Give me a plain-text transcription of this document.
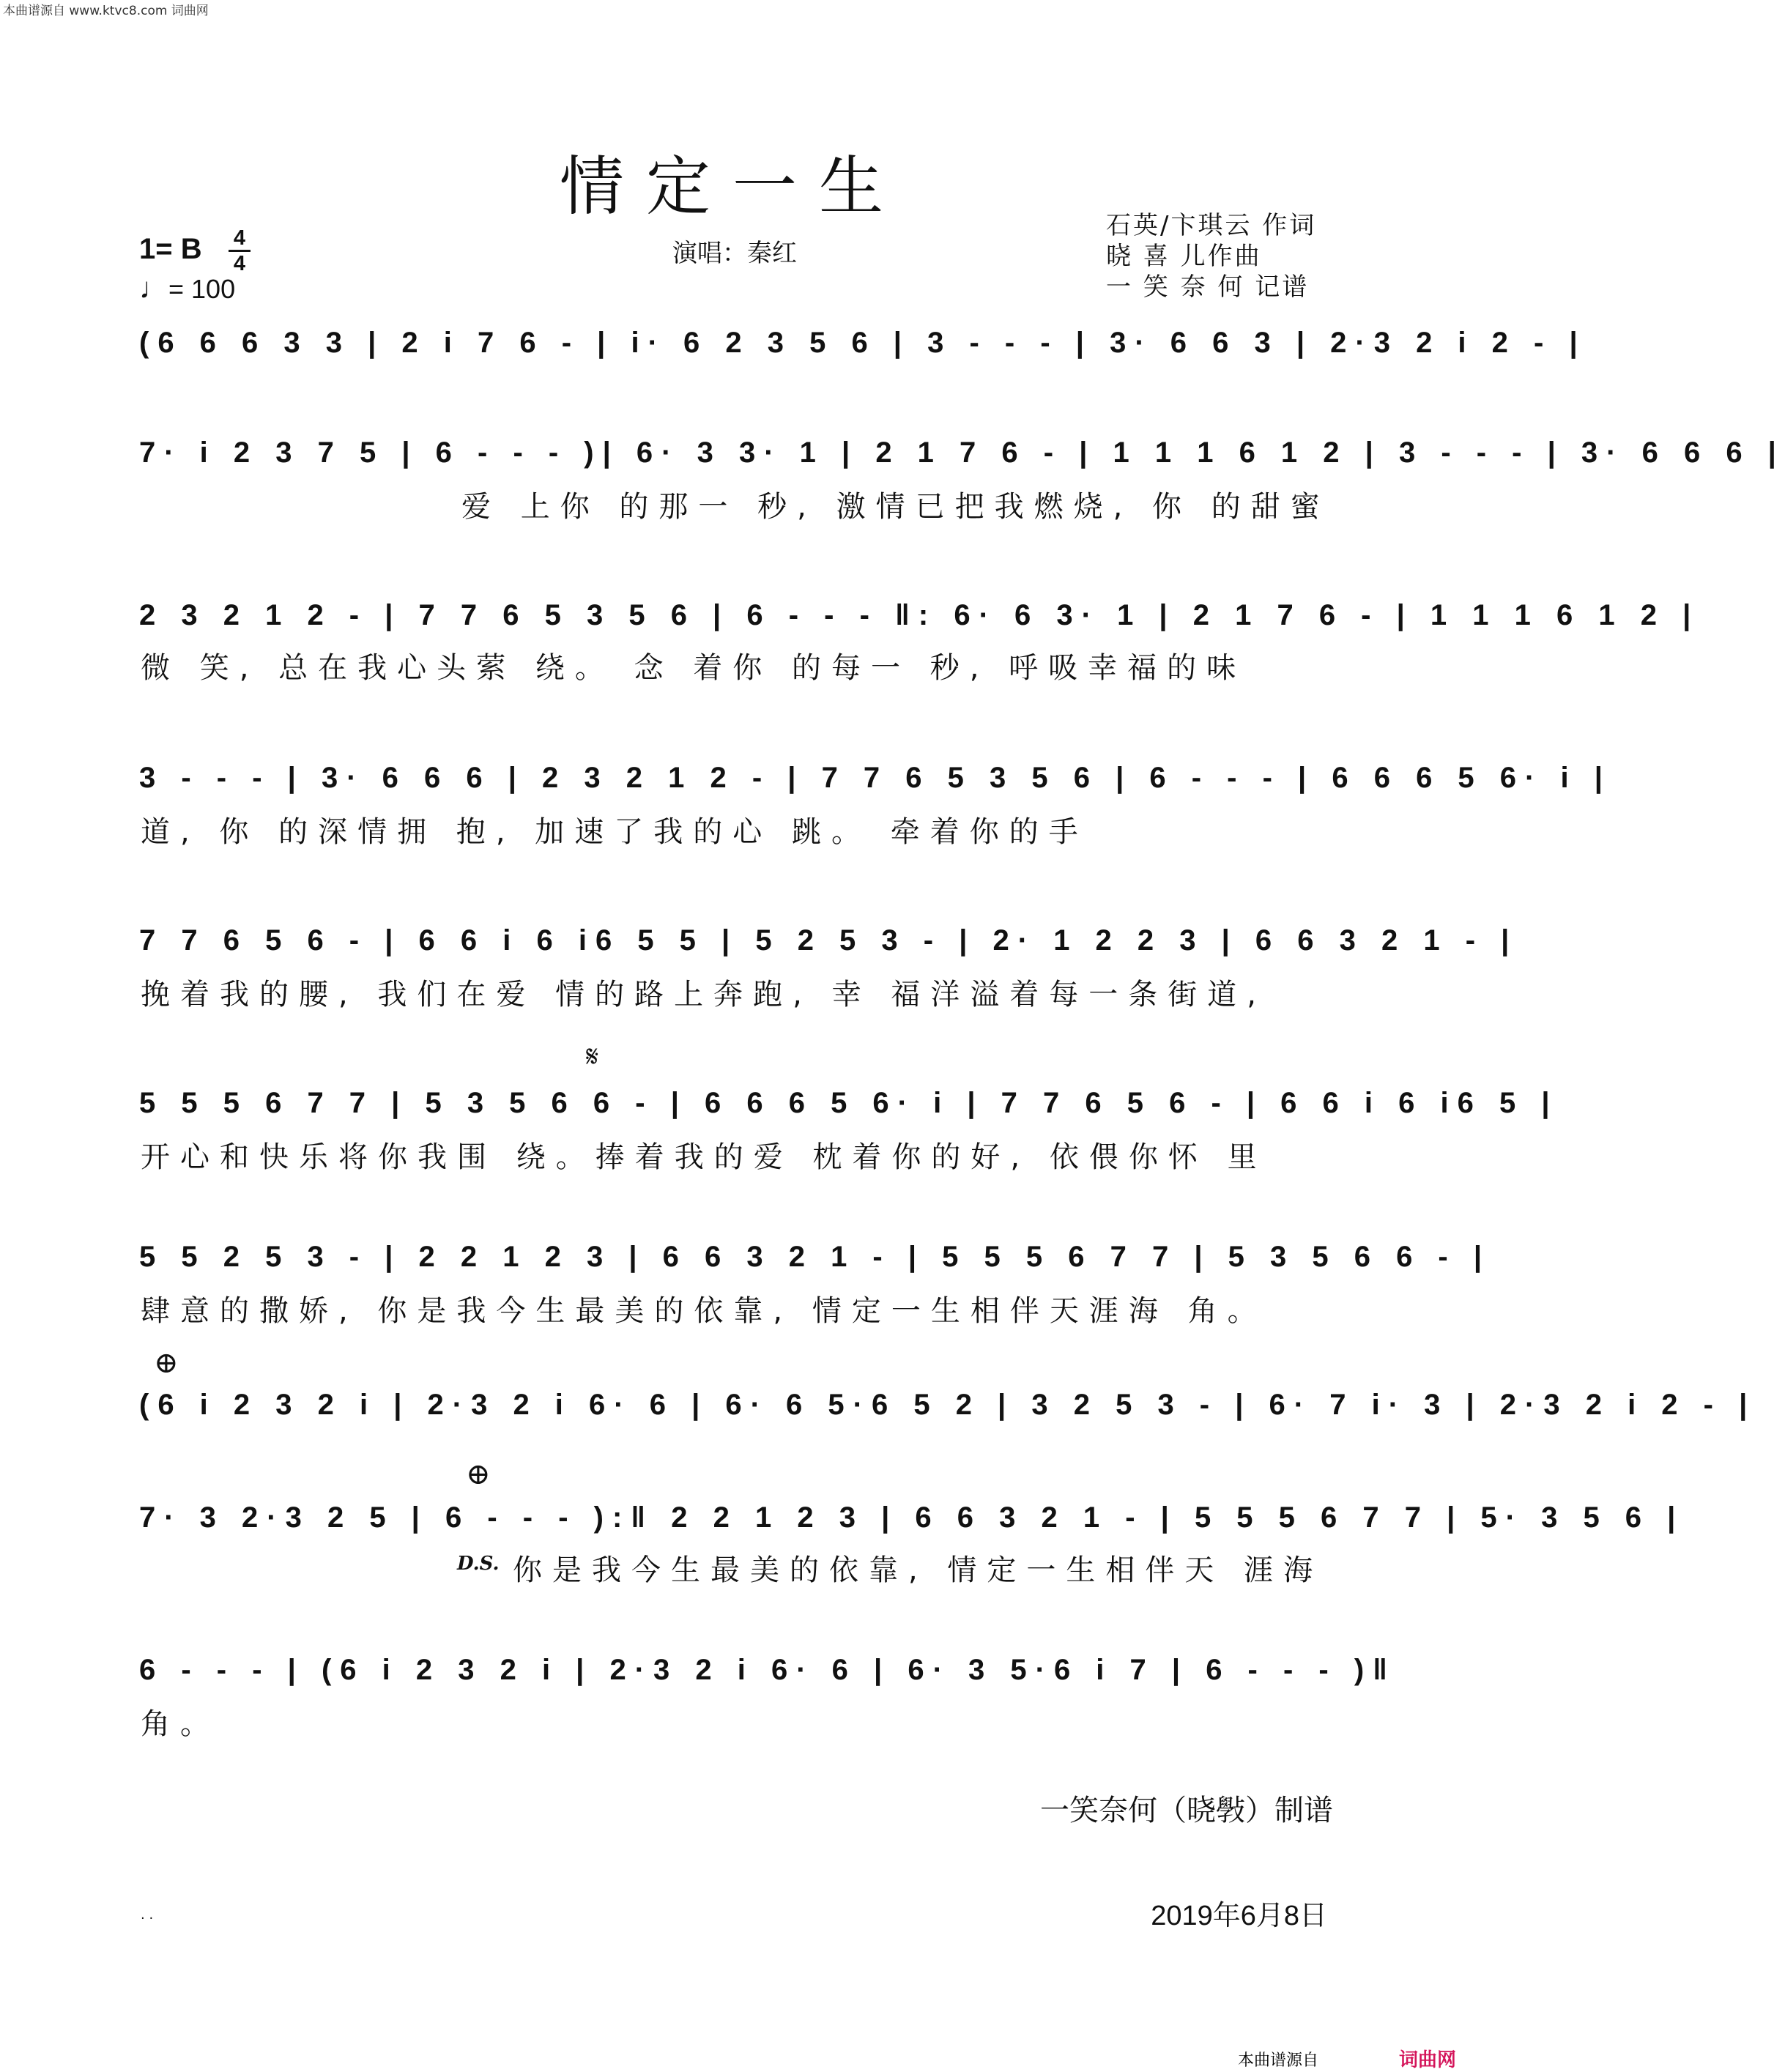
本曲谱源自 www.ktvc8.com 词曲网
情定一生
1= B 4
4
♩= 100
演唱：秦红
石英/卞琪云 作词
晓 喜 儿作曲
一 笑 奈 何 记谱
(6 6 6 3 3 | 2 i 7 6 - | i· 6 2 3 5 6 | 3 - - - | 3· 6 6 3 | 2·3 2 i 2 - |
7· i 2 3 7 5 | 6 - - - )| 6· 3 3· 1 | 2 1 7 6 - | 1 1 1 6 1 2 | 3 - - - | 3· 6 6 6 |
爱 上你 的那一 秒, 激情已把我燃烧, 你 的甜蜜
2 3 2 1 2 - | 7 7 6 5 3 5 6 | 6 - - - ‖: 6· 6 3· 1 | 2 1 7 6 - | 1 1 1 6 1 2 |
微 笑, 总在我心头萦 绕。 念 着你 的每一 秒, 呼吸幸福的味
3 - - - | 3· 6 6 6 | 2 3 2 1 2 - | 7 7 6 5 3 5 6 | 6 - - - | 6 6 6 5 6· i |
道, 你 的深情拥 抱, 加速了我的心 跳。 牵着你的手
7 7 6 5 6 - | 6 6 i 6 i6 5 5 | 5 2 5 3 - | 2· 1 2 2 3 | 6 6 3 2 1 - |
挽着我的腰, 我们在爱 情的路上奔跑, 幸 福洋溢着每一条街道,
𝄋
5 5 5 6 7 7 | 5 3 5 6 6 - | 6 6 6 5 6· i | 7 7 6 5 6 - | 6 6 i 6 i6 5 |
开心和快乐将你我围 绕。捧着我的爱 枕着你的好, 依偎你怀 里
5 5 2 5 3 - | 2 2 1 2 3 | 6 6 3 2 1 - | 5 5 5 6 7 7 | 5 3 5 6 6 - |
肆意的撒娇, 你是我今生最美的依靠, 情定一生相伴天涯海 角。
⊕
(6 i 2 3 2 i | 2·3 2 i 6· 6 | 6· 6 5·6 5 2 | 3 2 5 3 - | 6· 7 i· 3 | 2·3 2 i 2 - |
⊕
7· 3 2·3 2 5 | 6 - - - ):‖ 2 2 1 2 3 | 6 6 3 2 1 - | 5 5 5 6 7 7 | 5· 3 5 6 |
D.S. 你是我今生最美的依靠, 情定一生相伴天 涯海
6 - - - | (6 i 2 3 2 i | 2·3 2 i 6· 6 | 6· 3 5·6 i 7 | 6 - - - )‖
角。
一笑奈何（晓斅）制谱
2019年6月8日
. .
本曲谱源自	词曲网
